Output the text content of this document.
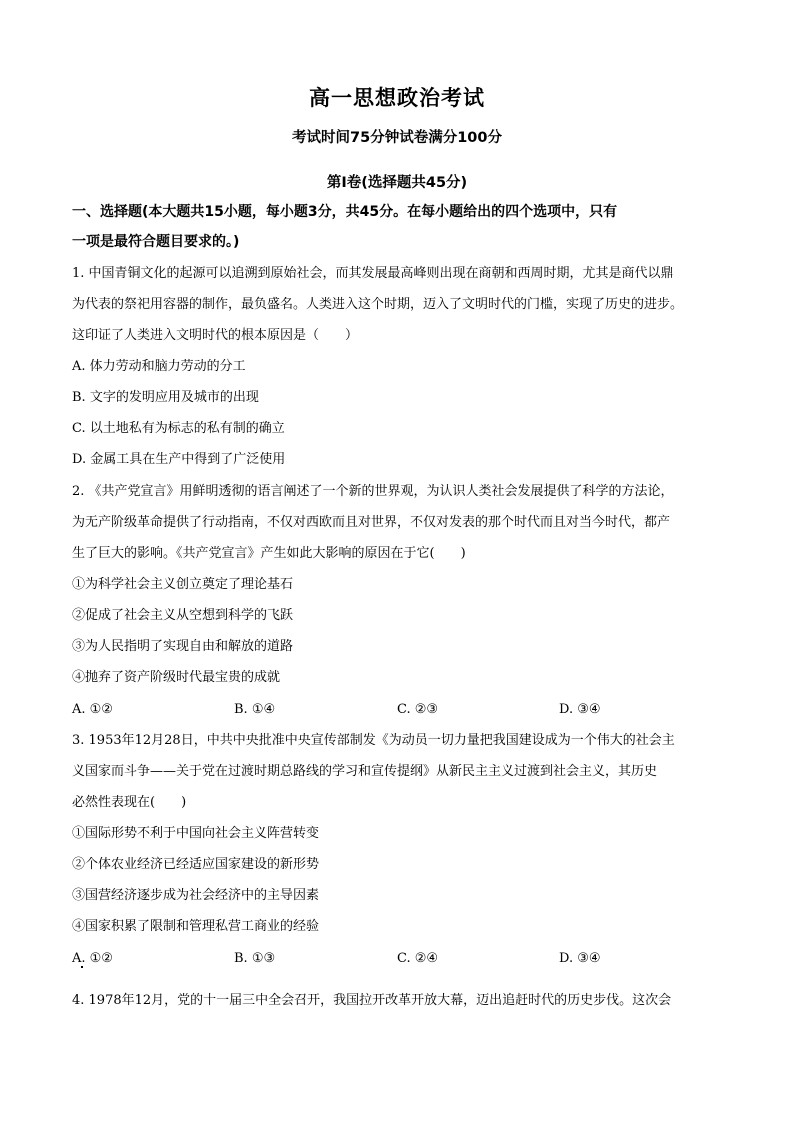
高一思想政治考试
考试时间75分钟试卷满分100分
第Ⅰ卷(选择题共45分)
一、选择题(本大题共15小题，每小题3分，共45分。在每小题给出的四个选项中，只有
一项是最符合题目要求的。)
1. 中国青铜文化的起源可以追溯到原始社会，而其发展最高峰则出现在商朝和西周时期，尤其是商代以鼎
为代表的祭祀用容器的制作，最负盛名。人类进入这个时期，迈入了文明时代的门槛，实现了历史的进步。
这印证了人类进入文明时代的根本原因是（　　）
A. 体力劳动和脑力劳动的分工
B. 文字的发明应用及城市的出现
C. 以土地私有为标志的私有制的确立
D. 金属工具在生产中得到了广泛使用
2. 《共产党宣言》用鲜明透彻的语言阐述了一个新的世界观，为认识人类社会发展提供了科学的方法论，
为无产阶级革命提供了行动指南，不仅对西欧而且对世界，不仅对发表的那个时代而且对当今时代，都产
生了巨大的影响。《共产党宣言》产生如此大影响的原因在于它(　　)
①为科学社会主义创立奠定了理论基石
②促成了社会主义从空想到科学的飞跃
③为人民指明了实现自由和解放的道路
④抛弃了资产阶级时代最宝贵的成就
A. ①②	B. ①④	C. ②③	D. ③④
3. 1953年12月28日，中共中央批准中央宣传部制发《为动员一切力量把我国建设成为一个伟大的社会主
义国家而斗争——关于党在过渡时期总路线的学习和宣传提纲》从新民主主义过渡到社会主义，其历史
必然性表现在(　　)
①国际形势不利于中国向社会主义阵营转变
②个体农业经济已经适应国家建设的新形势
③国营经济逐步成为社会经济中的主导因素
④国家积累了限制和管理私营工商业的经验
A. ①②	B. ①③	C. ②④	D. ③④
4. 1978年12月，党的十一届三中全会召开，我国拉开改革开放大幕，迈出追赶时代的历史步伐。这次会
